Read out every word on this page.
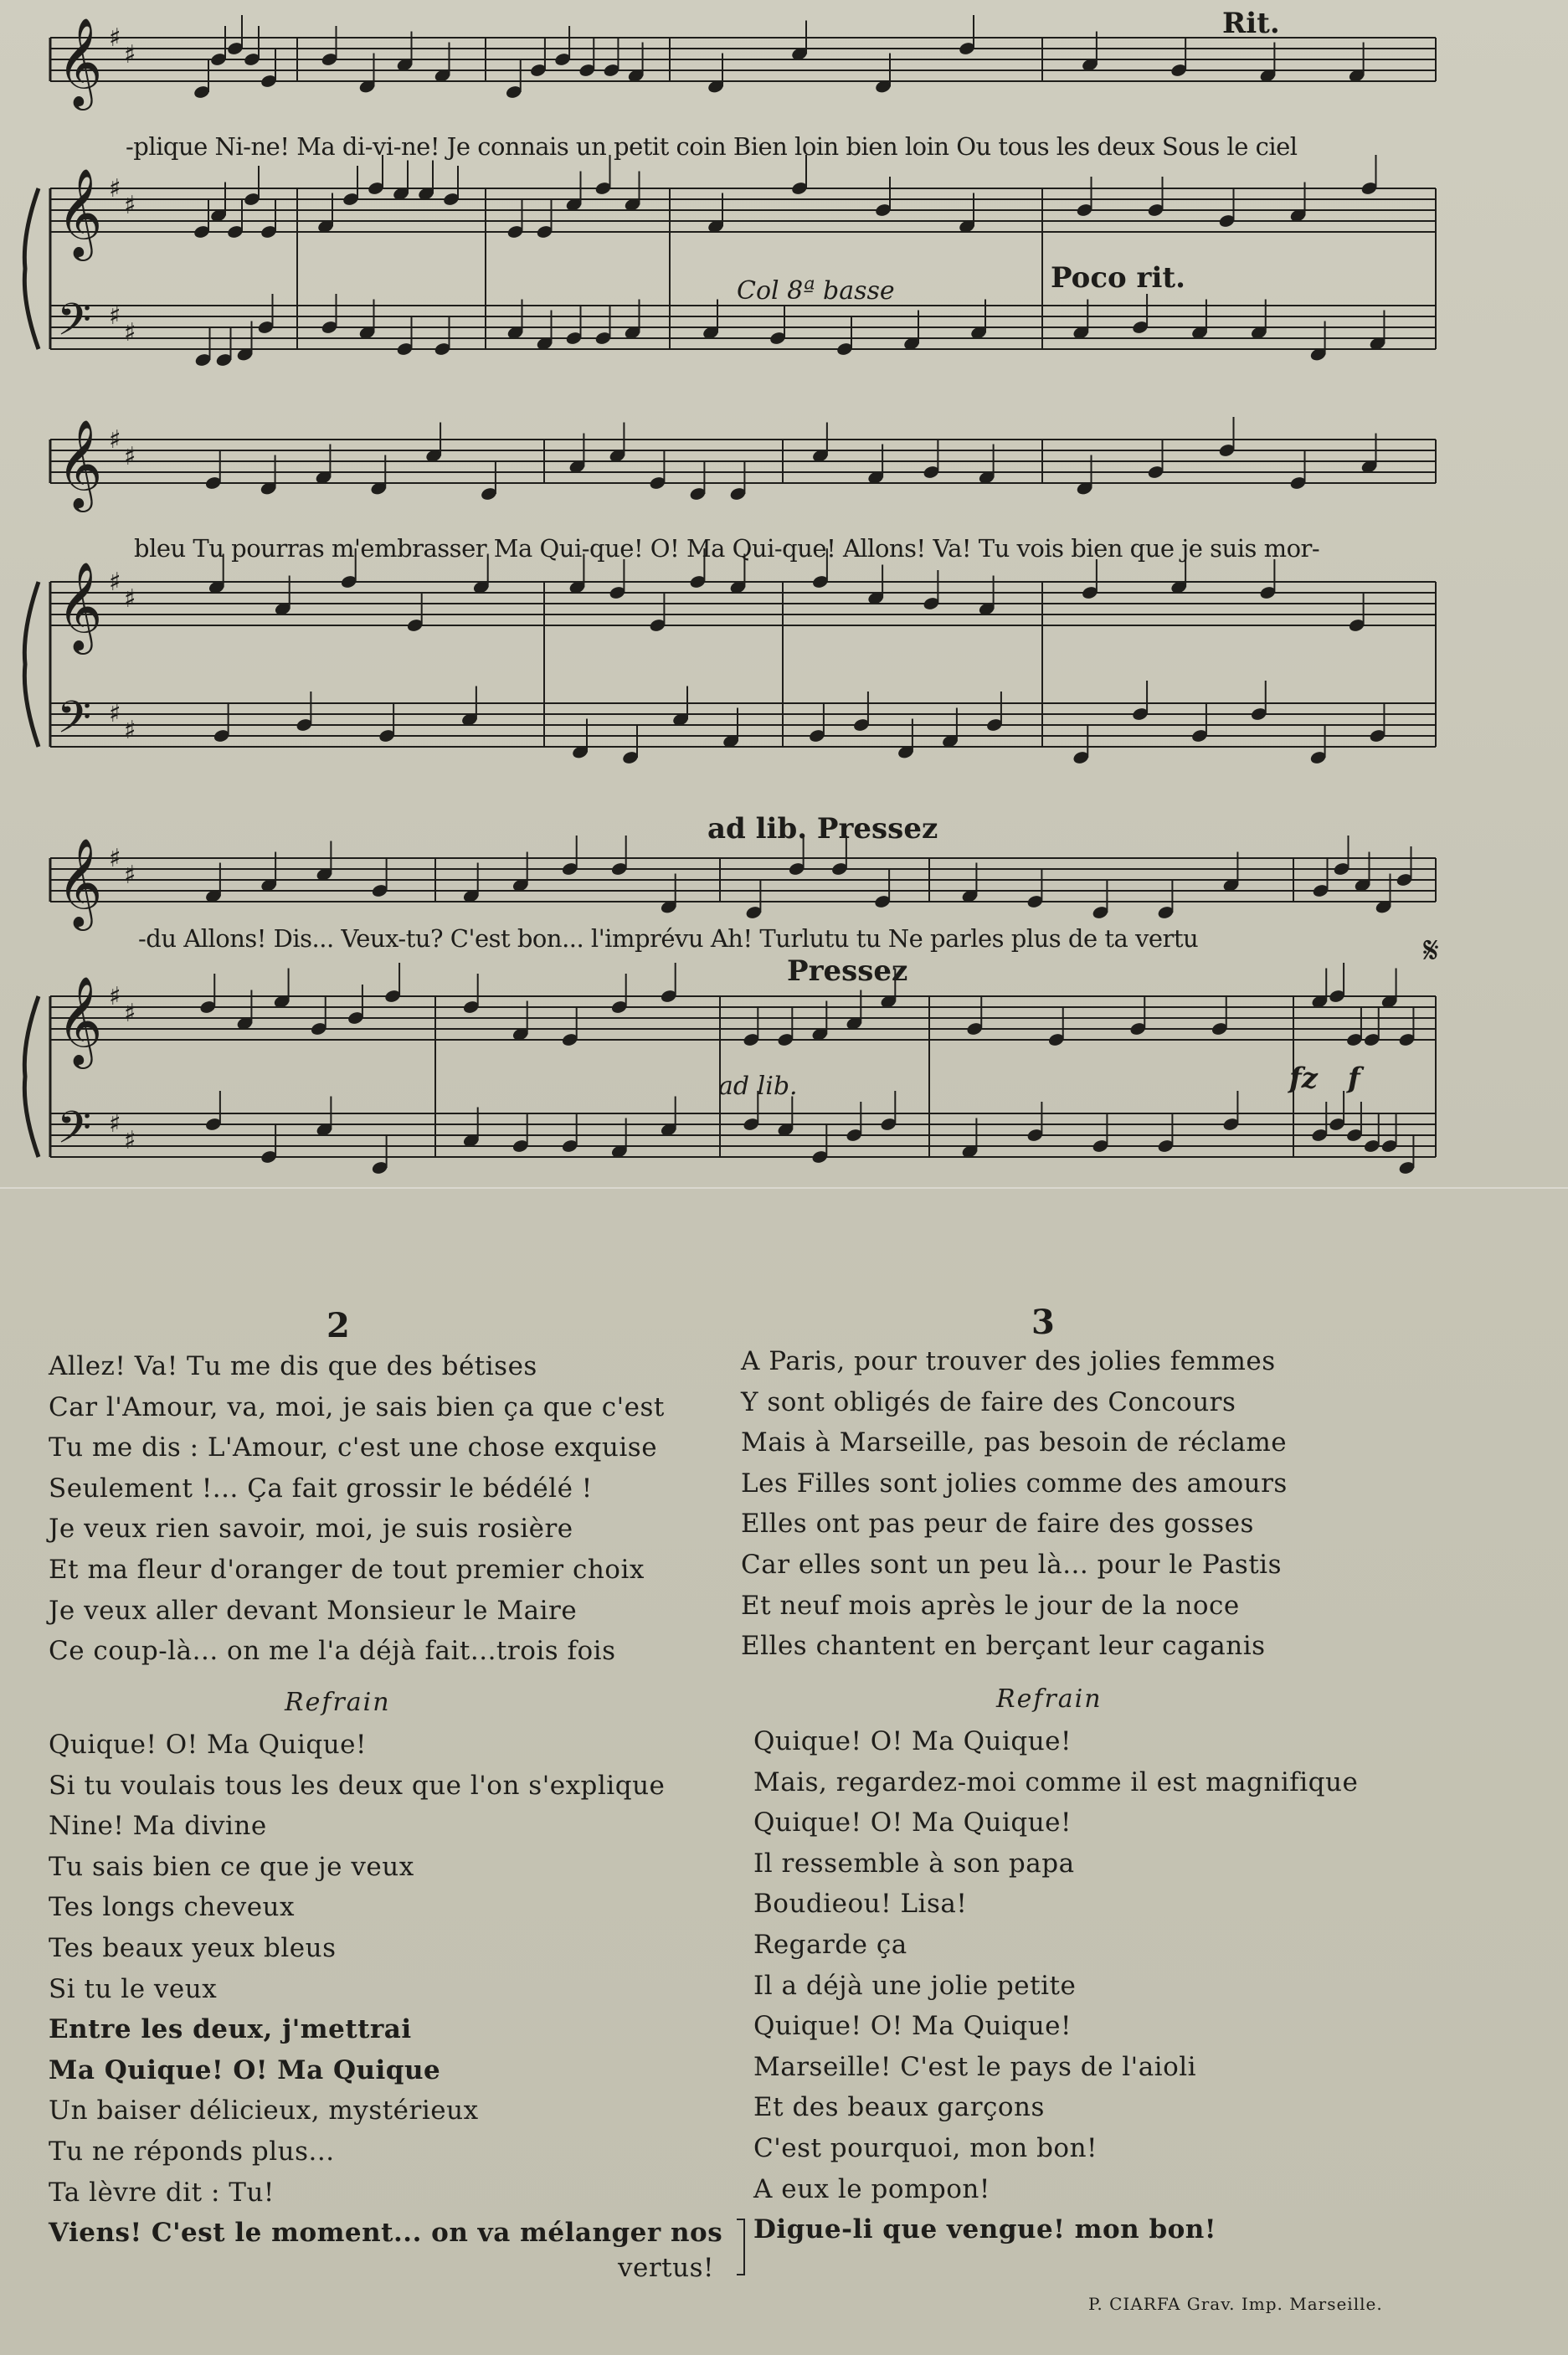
𝄞
𝄞
𝄢
♯
♯
♯
♯
♯
♯
𝄞
𝄞
𝄢
♯
♯
♯
♯
♯
♯
𝄞
𝄞
𝄢
♯
♯
♯
♯
♯
♯
Rit.
Col 8ª basse	Poco rit.
ad lib. Pressez
Pressez
ad lib.	fz f
𝄋
-plique Ni-ne! Ma di-vi-ne! Je connais un petit coin Bien loin bien loin Ou tous les deux Sous le ciel
bleu Tu pourras m'embrasser Ma Qui-que! O! Ma Qui-que! Allons! Va! Tu vois bien que je suis mor-
-du Allons! Dis... Veux-tu? C'est bon... l'imprévu Ah! Turlutu tu Ne parles plus de ta vertu
2
Allez! Va! Tu me dis que des bétises
Car l'Amour, va, moi, je sais bien ça que c'est
Tu me dis : L'Amour, c'est une chose exquise
Seulement !... Ça fait grossir le bédélé !
Je veux rien savoir, moi, je suis rosière
Et ma fleur d'oranger de tout premier choix
Je veux aller devant Monsieur le Maire
Ce coup-là... on me l'a déjà fait...trois fois
Refrain
Quique! O! Ma Quique!
Si tu voulais tous les deux que l'on s'explique
Nine! Ma divine
Tu sais bien ce que je veux
Tes longs cheveux
Tes beaux yeux bleus
Si tu le veux
Entre les deux, j'mettrai
Ma Quique! O! Ma Quique
Un baiser délicieux, mystérieux
Tu ne réponds plus...
Ta lèvre dit : Tu!
Viens! C'est le moment... on va mélanger nos
vertus!
3
A Paris, pour trouver des jolies femmes
Y sont obligés de faire des Concours
Mais à Marseille, pas besoin de réclame
Les Filles sont jolies comme des amours
Elles ont pas peur de faire des gosses
Car elles sont un peu là... pour le Pastis
Et neuf mois après le jour de la noce
Elles chantent en berçant leur caganis
Refrain
Quique! O! Ma Quique!
Mais, regardez-moi comme il est magnifique
Quique! O! Ma Quique!
Il ressemble à son papa
Boudieou! Lisa!
Regarde ça
Il a déjà une jolie petite
Quique! O! Ma Quique!
Marseille! C'est le pays de l'aioli
Et des beaux garçons
C'est pourquoi, mon bon!
A eux le pompon!
Digue-li que vengue! mon bon!
P. CIARFA Grav. Imp. Marseille.
